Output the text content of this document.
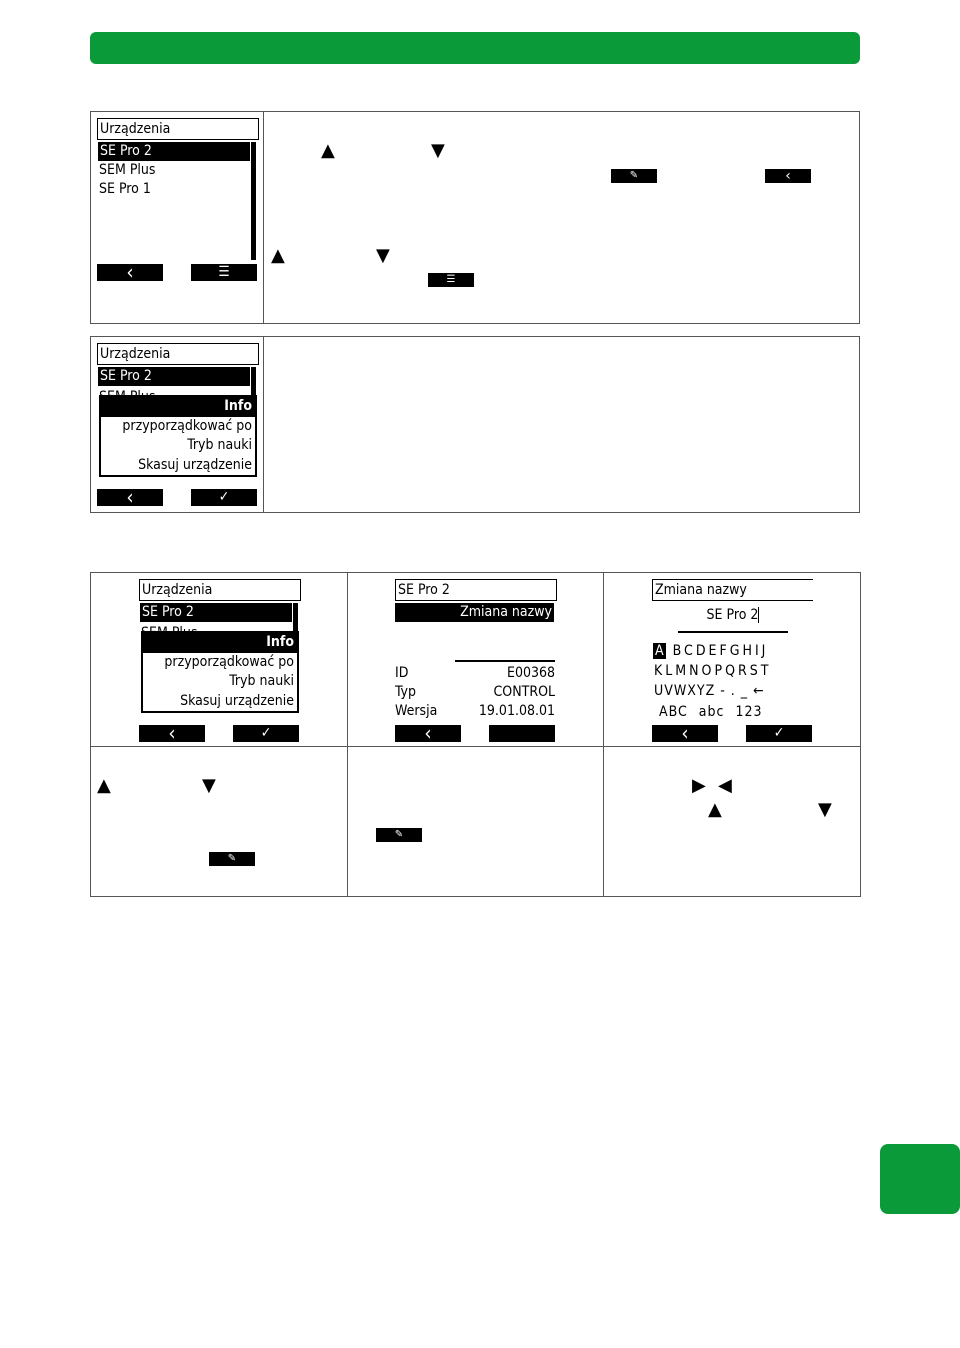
Urządzenia
SE Pro 2
SEM Plus
SE Pro 1
‹	☰
▲	▼
✎	‹
▲	▼
☰
Urządzenia
SE Pro 2
Info
przyporządkować po
Tryb nauki
Skasuj urządzenie
‹	✓
Urządzenia
SE Pro 2
Info
przyporządkować po
Tryb nauki
Skasuj urządzenie
‹	✓
SE Pro 2
Zmiana nazwy
ID	E00368
Typ	CONTROL
Wersja	19.01.08.01
‹
Zmiana nazwy
SE Pro 2
A BCDEFGHIJ
KLMNOPQRST
UVWXYZ - . _ ←
ABC abc 123
‹	✓
▲	▼
✎
✎
▶ ◀
▲	▼
